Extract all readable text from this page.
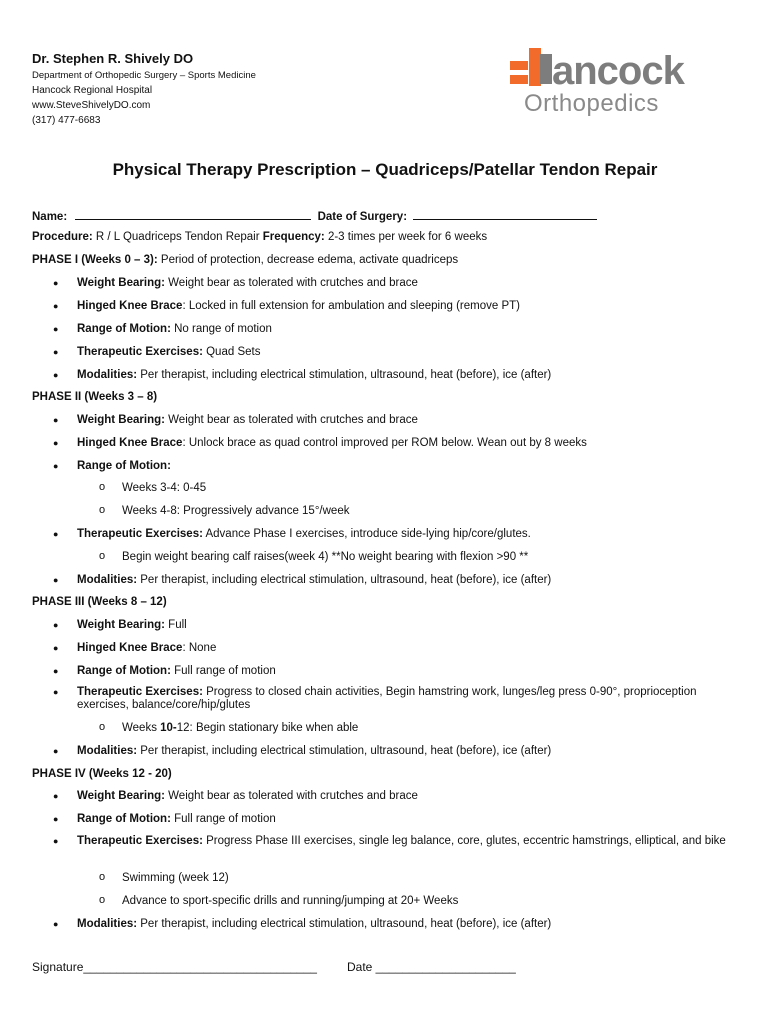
Dr. Stephen R. Shively DO
Department of Orthopedic Surgery – Sports Medicine
Hancock Regional Hospital
www.SteveShivelyDO.com
(317) 477-6683
ancock
Orthopedics
Physical Therapy Prescription – Quadriceps/Patellar Tendon Repair
Name:	Date of Surgery:
Procedure: R / L Quadriceps Tendon Repair Frequency: 2-3 times per week for 6 weeks
PHASE I (Weeks 0 – 3): Period of protection, decrease edema, activate quadriceps
● Weight Bearing: Weight bear as tolerated with crutches and brace
● Hinged Knee Brace: Locked in full extension for ambulation and sleeping (remove PT)
● Range of Motion: No range of motion
● Therapeutic Exercises: Quad Sets
● Modalities: Per therapist, including electrical stimulation, ultrasound, heat (before), ice (after)
PHASE II (Weeks 3 – 8)
● Weight Bearing: Weight bear as tolerated with crutches and brace
● Hinged Knee Brace: Unlock brace as quad control improved per ROM below. Wean out by 8 weeks
● Range of Motion:
o Weeks 3-4: 0-45
o Weeks 4-8: Progressively advance 15°/week
● Therapeutic Exercises: Advance Phase I exercises, introduce side-lying hip/core/glutes.
o Begin weight bearing calf raises(week 4) **No weight bearing with flexion >90 **
● Modalities: Per therapist, including electrical stimulation, ultrasound, heat (before), ice (after)
PHASE III (Weeks 8 – 12)
● Weight Bearing: Full
● Hinged Knee Brace: None
● Range of Motion: Full range of motion
● Therapeutic Exercises: Progress to closed chain activities, Begin hamstring work, lunges/leg press 0-90°, proprioception exercises, balance/core/hip/glutes
o Weeks 10-12: Begin stationary bike when able
● Modalities: Per therapist, including electrical stimulation, ultrasound, heat (before), ice (after)
PHASE IV (Weeks 12 - 20)
● Weight Bearing: Weight bear as tolerated with crutches and brace
● Range of Motion: Full range of motion
● Therapeutic Exercises: Progress Phase III exercises, single leg balance, core, glutes, eccentric hamstrings, elliptical, and bike
o Swimming (week 12)
o Advance to sport-specific drills and running/jumping at 20+ Weeks
● Modalities: Per therapist, including electrical stimulation, ultrasound, heat (before), ice (after)
Signature___________________________________	Date _____________________
